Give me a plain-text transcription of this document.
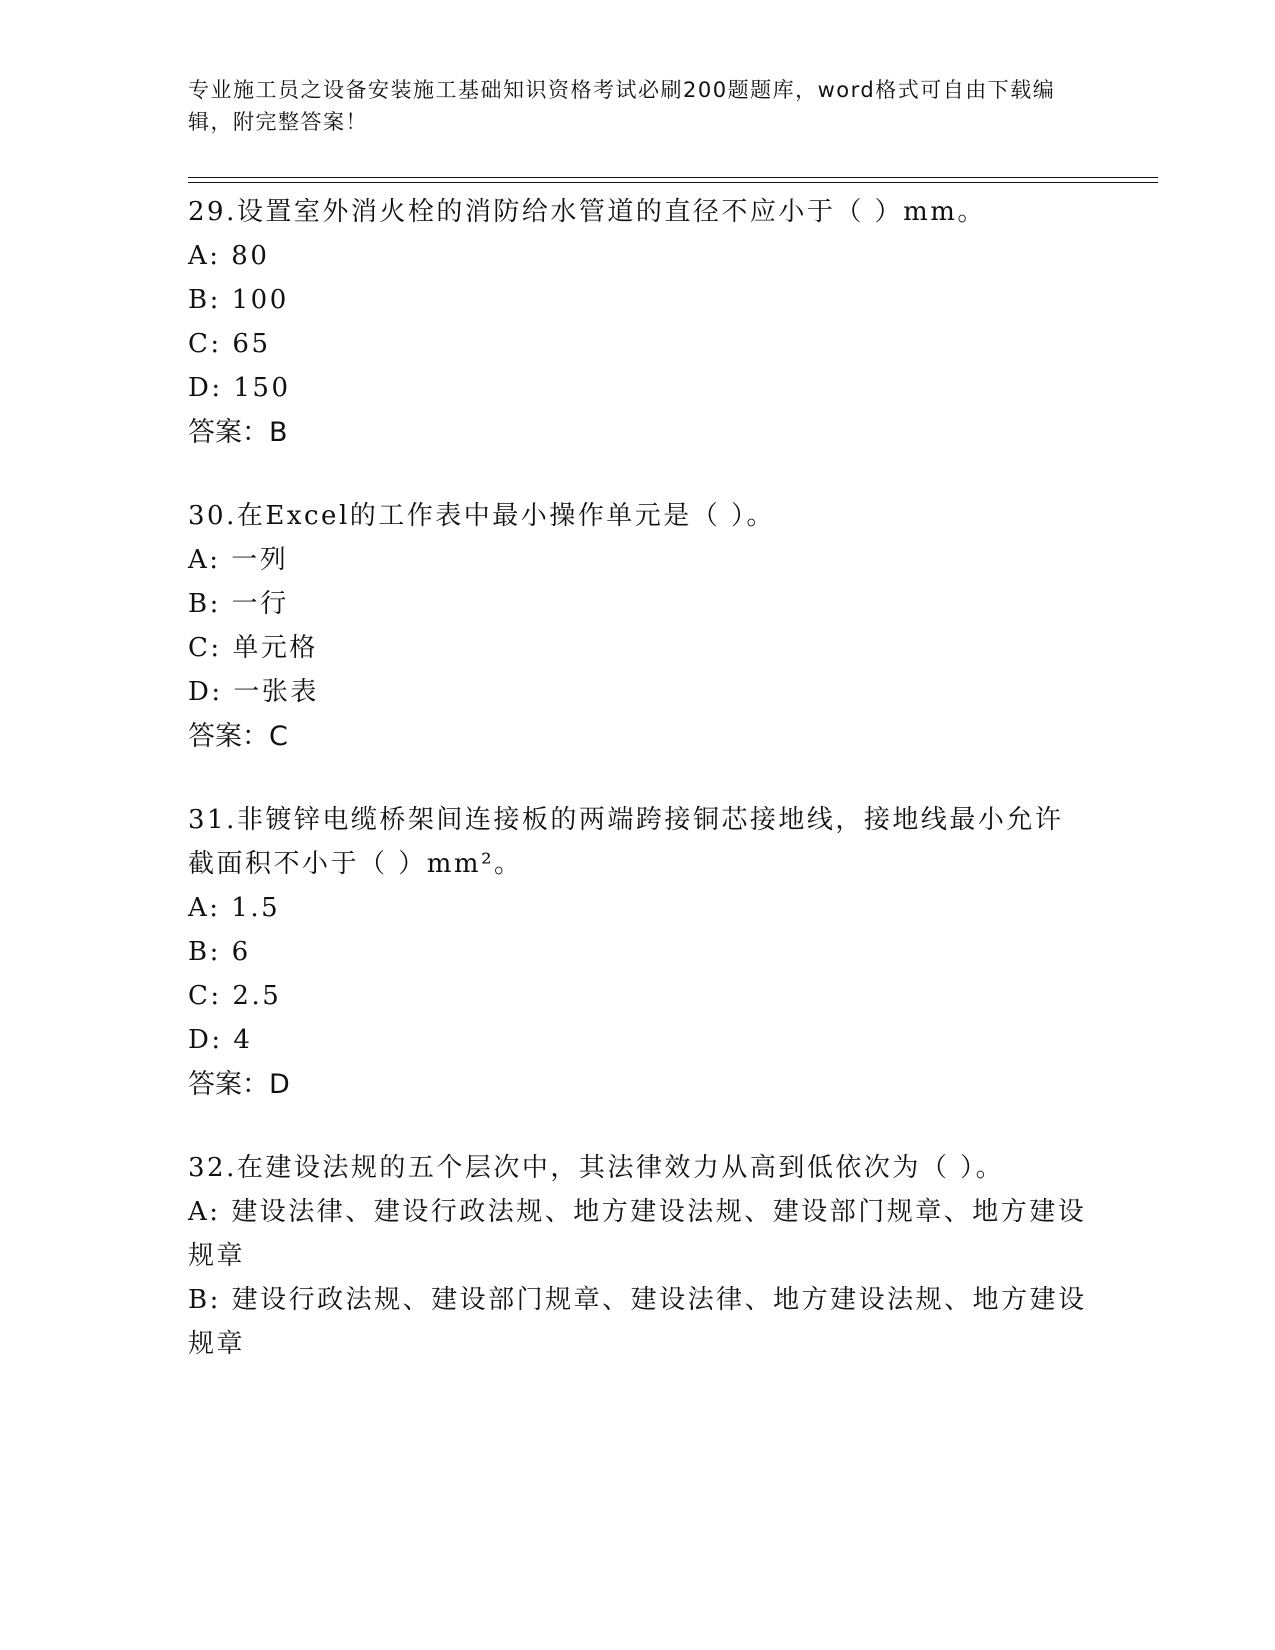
专业施工员之设备安装施工基础知识资格考试必刷200题题库，word格式可自由下载编辑，附完整答案！

29.设置室外消火栓的消防给水管道的直径不应小于（ ）mm。

A: 80

B: 100

C: 65

D: 150

答案：B

30.在Excel的工作表中最小操作单元是（ ）。

A: 一列

B: 一行

C: 单元格

D: 一张表

答案：C

31.非镀锌电缆桥架间连接板的两端跨接铜芯接地线，接地线最小允许截面积不小于（ ）mm²。

A: 1.5

B: 6

C: 2.5

D: 4

答案：D

32.在建设法规的五个层次中，其法律效力从高到低依次为（ ）。

A: 建设法律、建设行政法规、地方建设法规、建设部门规章、地方建设规章

B: 建设行政法规、建设部门规章、建设法律、地方建设法规、地方建设规章
